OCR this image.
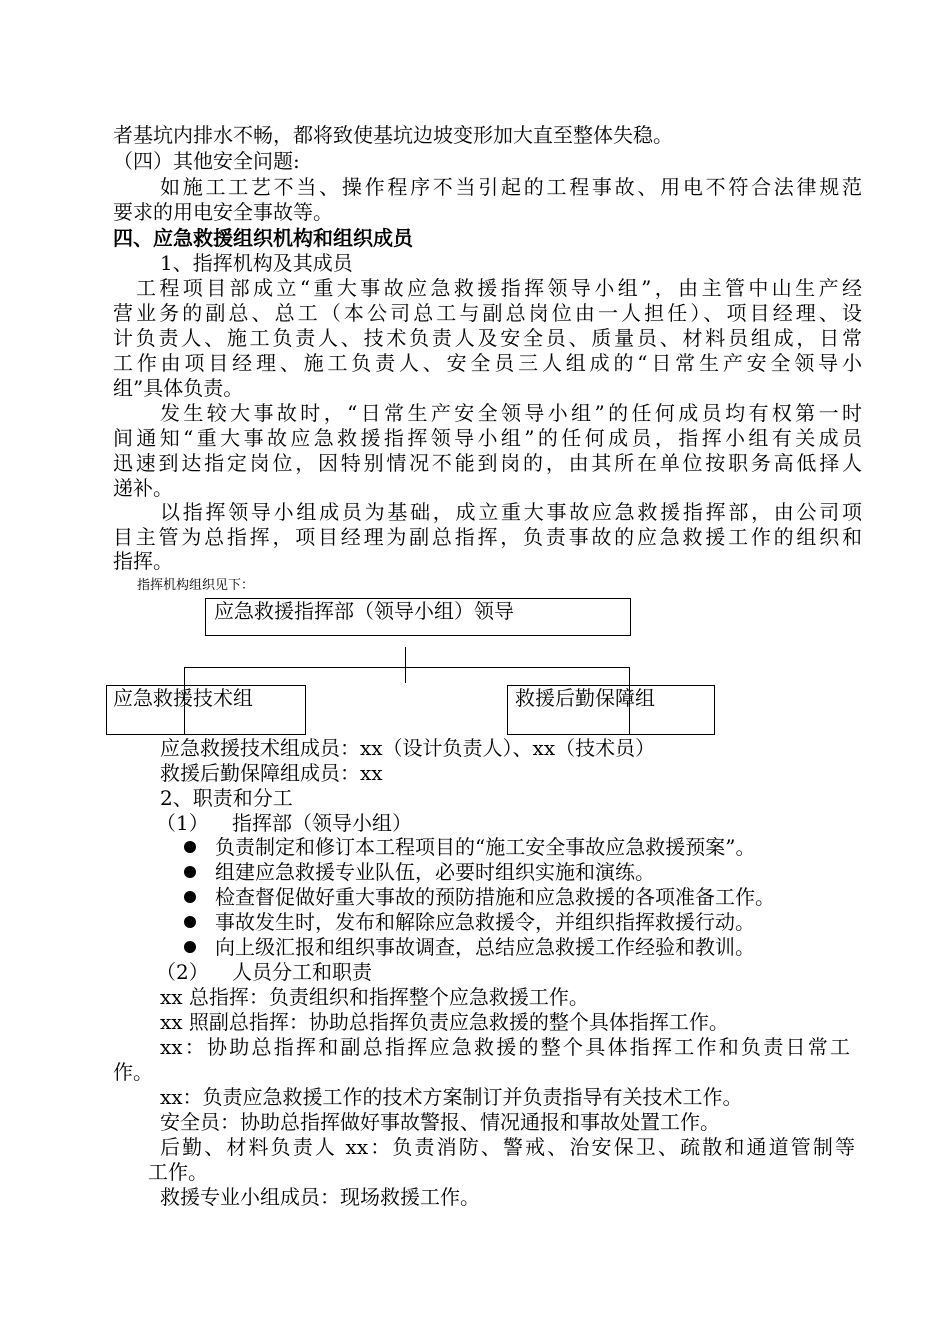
者基坑内排水不畅，都将致使基坑边坡变形加大直至整体失稳。
（四）其他安全问题:
如施工工艺不当、操作程序不当引起的工程事故、用电不符合法律规范
要求的用电安全事故等。
四、应急救援组织机构和组织成员
1、指挥机构及其成员
工程项目部成立“重大事故应急救援指挥领导小组”，由主管中山生产经
营业务的副总、总工（本公司总工与副总岗位由一人担任）、项目经理、设
计负责人、施工负责人、技术负责人及安全员、质量员、材料员组成，日常
工作由项目经理、施工负责人、安全员三人组成的“日常生产安全领导小
组”具体负责。
发生较大事故时，“日常生产安全领导小组”的任何成员均有权第一时
间通知“重大事故应急救援指挥领导小组”的任何成员，指挥小组有关成员
迅速到达指定岗位，因特别情况不能到岗的，由其所在单位按职务高低择人
递补。
以指挥领导小组成员为基础，成立重大事故应急救援指挥部，由公司项
目主管为总指挥，项目经理为副总指挥，负责事故的应急救援工作的组织和
指挥。
指挥机构组织见下：
应急救援指挥部（领导小组）领导
应急救援技术组	救援后勤保障组
应急救援技术组成员：xx（设计负责人）、xx（技术员）
救援后勤保障组成员：xx
2、职责和分工
（1） 指挥部（领导小组）
负责制定和修订本工程项目的“施工安全事故应急救援预案”。
组建应急救援专业队伍，必要时组织实施和演练。
检查督促做好重大事故的预防措施和应急救援的各项准备工作。
事故发生时，发布和解除应急救援令，并组织指挥救援行动。
向上级汇报和组织事故调查，总结应急救援工作经验和教训。
（2） 人员分工和职责
xx 总指挥：负责组织和指挥整个应急救援工作。
xx 照副总指挥：协助总指挥负责应急救援的整个具体指挥工作。
xx：协助总指挥和副总指挥应急救援的整个具体指挥工作和负责日常工
作。
xx：负责应急救援工作的技术方案制订并负责指导有关技术工作。
安全员：协助总指挥做好事故警报、情况通报和事故处置工作。
后勤、材料负责人 xx：负责消防、警戒、治安保卫、疏散和通道管制等
工作。
救援专业小组成员：现场救援工作。
